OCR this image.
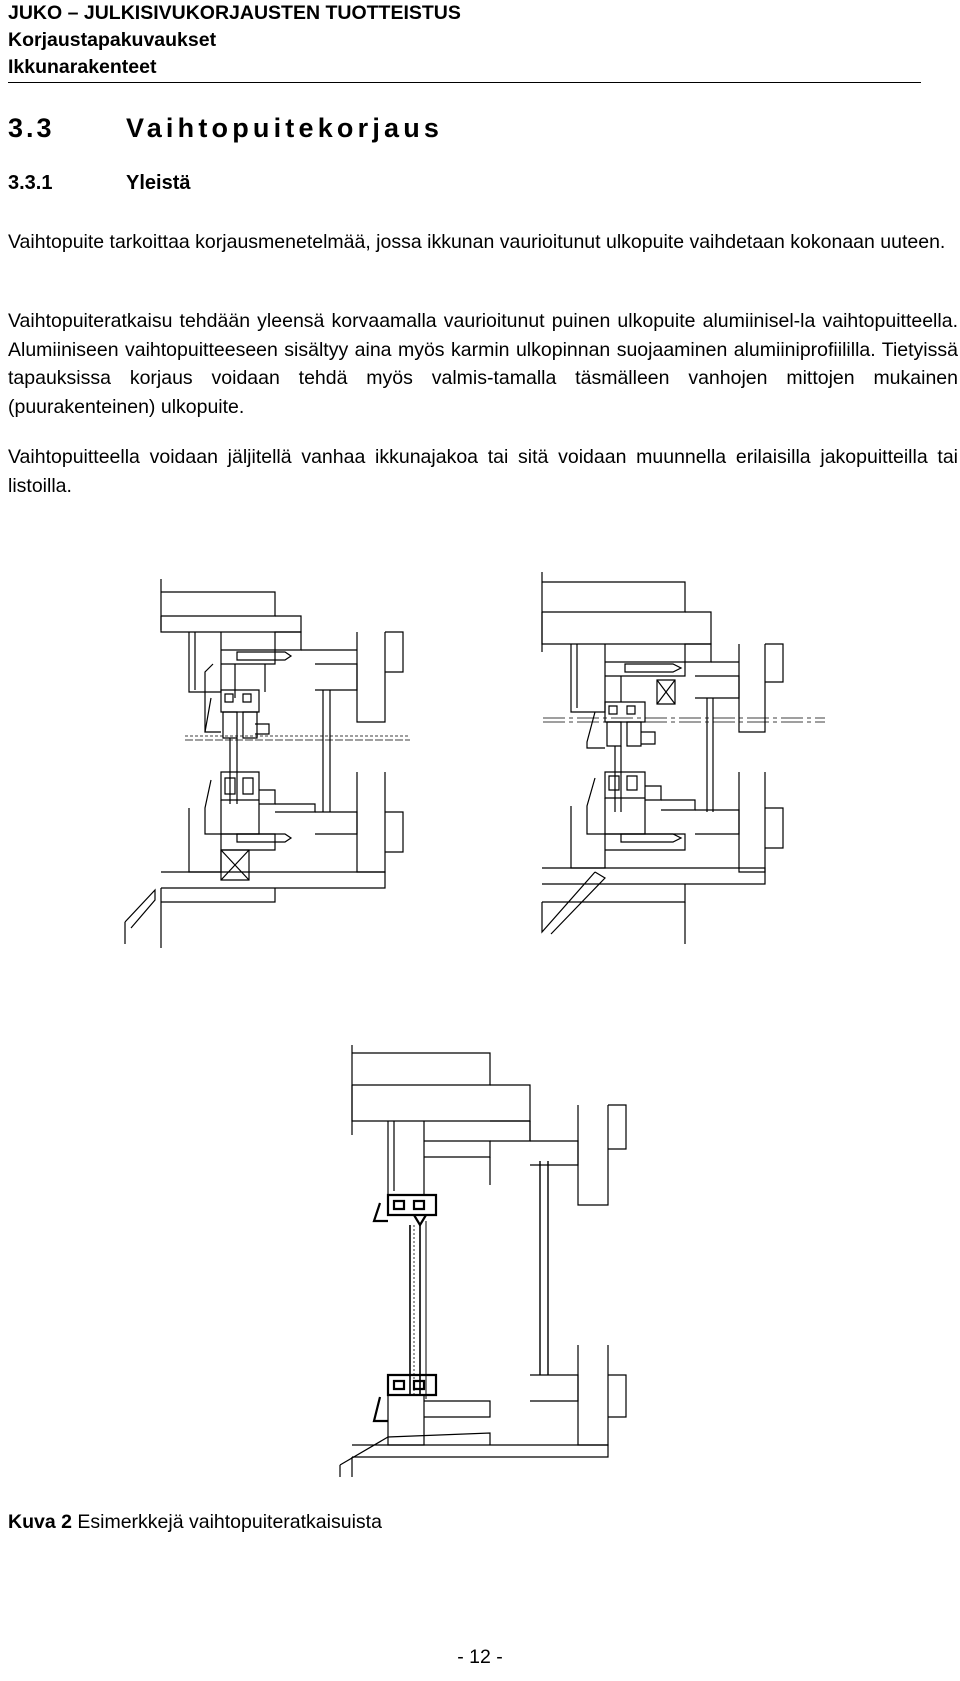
JUKO – JULKISIVUKORJAUSTEN TUOTTEISTUS
Korjaustapakuvaukset
Ikkunarakenteet
3.3	Vaihtopuitekorjaus
3.3.1	Yleistä

Vaihtopuite tarkoittaa korjausmenetelmää, jossa ikkunan vaurioitunut ulkopuite vaihdetaan kokonaan uuteen.

Vaihtopuiteratkaisu tehdään yleensä korvaamalla vaurioitunut puinen ulkopuite alumiinisel-la vaihtopuitteella. Alumiiniseen vaihtopuitteeseen sisältyy aina myös karmin ulkopinnan suojaaminen alumiiniprofiililla. Tietyissä tapauksissa korjaus voidaan tehdä myös valmis-tamalla täsmälleen vanhojen mittojen mukainen (puurakenteinen) ulkopuite.

Vaihtopuitteella voidaan jäljitellä vanhaa ikkunajakoa tai sitä voidaan muunnella erilaisilla jakopuitteilla tai listoilla.

Kuva 2 Esimerkkejä vaihtopuiteratkaisuista
- 12 -
